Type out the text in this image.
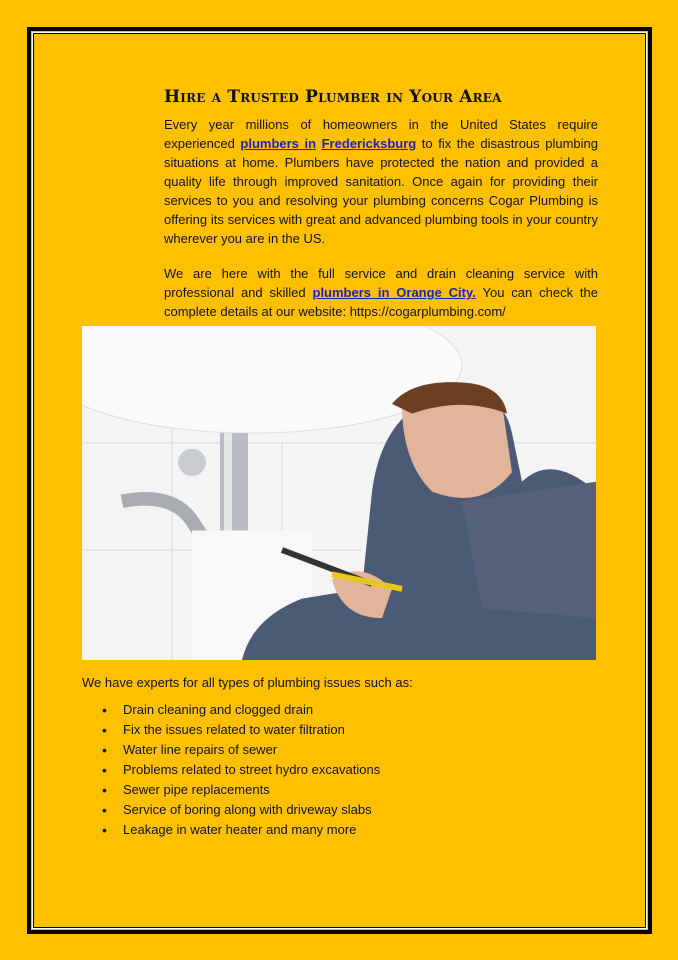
Hire a Trusted Plumber in Your Area
Every year millions of homeowners in the United States require experienced plumbers in Fredericksburg to fix the disastrous plumbing situations at home. Plumbers have protected the nation and provided a quality life through improved sanitation. Once again for providing their services to you and resolving your plumbing concerns Cogar Plumbing is offering its services with great and advanced plumbing tools in your country wherever you are in the US.
We are here with the full service and drain cleaning service with professional and skilled plumbers in Orange City. You can check the complete details at our website: https://cogarplumbing.com/
We have experts for all types of plumbing issues such as:
• Drain cleaning and clogged drain
• Fix the issues related to water filtration
• Water line repairs of sewer
• Problems related to street hydro excavations
• Sewer pipe replacements
• Service of boring along with driveway slabs
• Leakage in water heater and many more
